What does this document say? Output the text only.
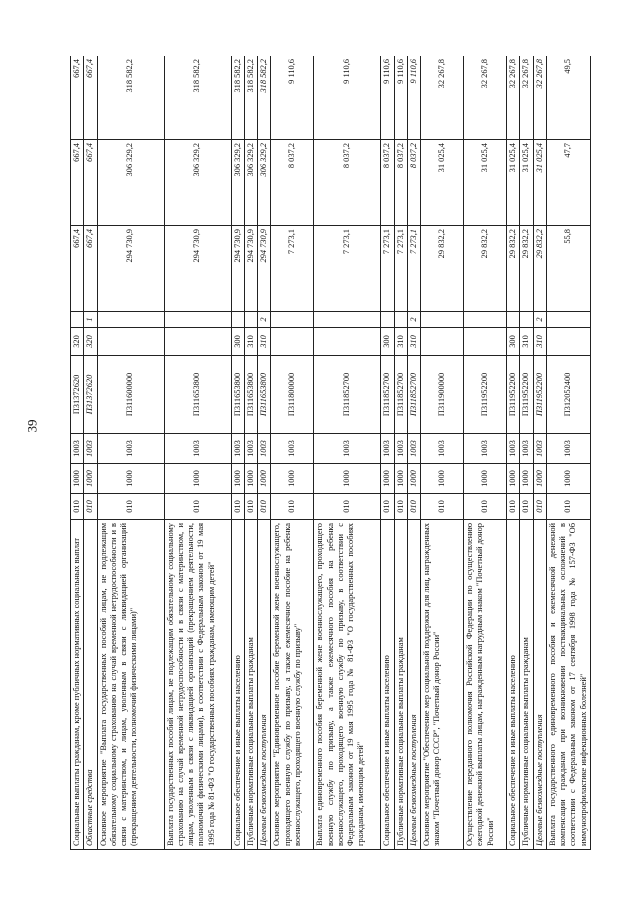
39
Социальные выплаты гражданам, кроме публичных нормативных социальных выплат	010	1000	1003	П31372620	320		667,4	667,4	667,4
Областные средства	010	1000	1003	П31372620	320	1	667,4	667,4	667,4
Основное мероприятие "Выплата государственных пособий лицам, не подлежащим обязательному социальному страхованию на случай временной нетрудоспособности и в связи с материнством, и лицам, уволенным в связи с ликвидацией организаций (прекращением деятельности, полномочий физическими лицами)"	010	1000	1003	П311600000			294 730,9	306 329,2	318 582,2
Выплата государственных пособий лицам, не подлежащим обязательному социальному страхованию на случай временной нетрудоспособности и в связи с материнством, и лицам, уволенным в связи с ликвидацией организаций (прекращением деятельности, полномочий физическими лицами), в соответствии с Федеральным законом от 19 мая 1995 года № 81-ФЗ "О государственных пособиях гражданам, имеющим детей"	010	1000	1003	П311653800			294 730,9	306 329,2	318 582,2
Социальное обеспечение и иные выплаты населению	010	1000	1003	П311653800	300		294 730,9	306 329,2	318 582,2
Публичные нормативные социальные выплаты гражданам	010	1000	1003	П311653800	310		294 730,9	306 329,2	318 582,2
Целевые безвозмездные поступления	010	1000	1003	П311653800	310	2	294 730,9	306 329,2	318 582,2
Основное мероприятие "Единовременное пособие беременной жене военнослужащего, проходящего военную службу по призыву, а также ежемесячное пособие на ребенка военнослужащего, проходящего военную службу по призыву"	010	1000	1003	П311800000			7 273,1	8 037,2	9 110,6
Выплата единовременного пособия беременной жене военнослужащего, проходящего военную службу по призыву, а также ежемесячного пособия на ребенка военнослужащего, проходящего военную службу по призыву, в соответствии с Федеральным законом от 19 мая 1995 года № 81-ФЗ "О государственных пособиях гражданам, имеющим детей"	010	1000	1003	П311852700			7 273,1	8 037,2	9 110,6
Социальное обеспечение и иные выплаты населению	010	1000	1003	П311852700	300		7 273,1	8 037,2	9 110,6
Публичные нормативные социальные выплаты гражданам	010	1000	1003	П311852700	310		7 273,1	8 037,2	9 110,6
Целевые безвозмездные поступления	010	1000	1003	П311852700	310	2	7 273,1	8 037,2	9 110,6
Основное мероприятие "Обеспечение мер социальной поддержки для лиц, награжденных знаком "Почетный донор СССР", "Почетный донор России"	010	1000	1003	П311900000			29 832,2	31 025,4	32 267,8
Осуществление переданного полномочия Российской Федерации по осуществлению ежегодной денежной выплаты лицам, награжденным нагрудным знаком "Почетный донор России"	010	1000	1003	П311952200			29 832,2	31 025,4	32 267,8
Социальное обеспечение и иные выплаты населению	010	1000	1003	П311952200	300		29 832,2	31 025,4	32 267,8
Публичные нормативные социальные выплаты гражданам	010	1000	1003	П311952200	310		29 832,2	31 025,4	32 267,8
Целевые безвозмездные поступления	010	1000	1003	П311952200	310	2	29 832,2	31 025,4	32 267,8
Выплата государственного единовременного пособия и ежемесячной денежной компенсации гражданам при возникновении поствакцинальных осложнений в соответствии с Федеральным законом от 17 сентября 1998 года № 157-ФЗ "Об иммунопрофилактике инфекционных болезней"	010	1000	1003	П312052400			55,8	47,7	49,5
